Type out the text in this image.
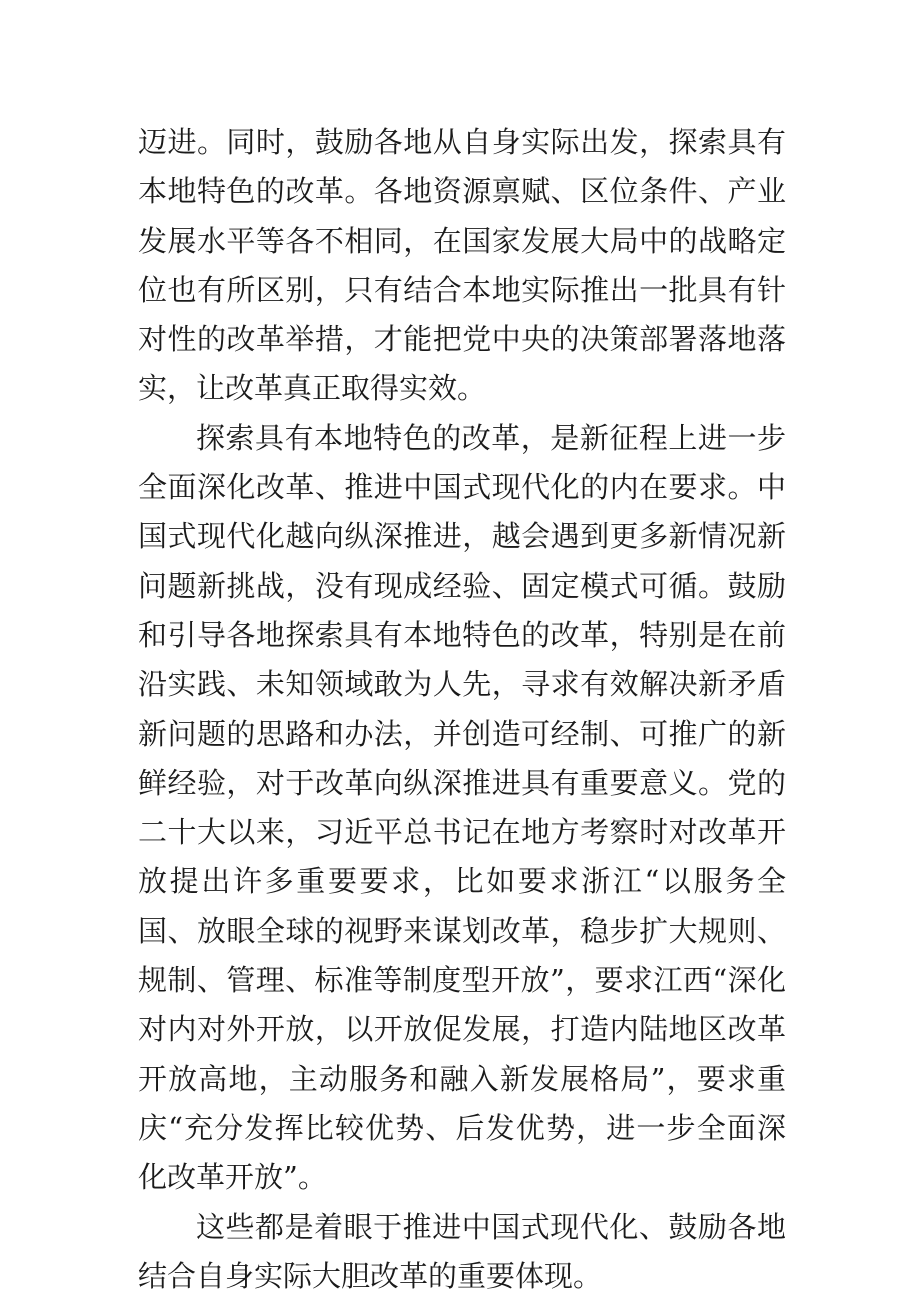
迈进。同时，鼓励各地从自身实际出发，探索具有本地特色的改革。各地资源禀赋、区位条件、产业发展水平等各不相同，在国家发展大局中的战略定位也有所区别，只有结合本地实际推出一批具有针对性的改革举措，才能把党中央的决策部署落地落实，让改革真正取得实效。

探索具有本地特色的改革，是新征程上进一步全面深化改革、推进中国式现代化的内在要求。中国式现代化越向纵深推进，越会遇到更多新情况新问题新挑战，没有现成经验、固定模式可循。鼓励和引导各地探索具有本地特色的改革，特别是在前沿实践、未知领域敢为人先，寻求有效解决新矛盾新问题的思路和办法，并创造可经制、可推广的新鲜经验，对于改革向纵深推进具有重要意义。党的二十大以来，习近平总书记在地方考察时对改革开放提出许多重要要求，比如要求浙江“以服务全国、放眼全球的视野来谋划改革，稳步扩大规则、规制、管理、标准等制度型开放”，要求江西“深化对内对外开放，以开放促发展，打造内陆地区改革开放高地，主动服务和融入新发展格局”，要求重庆“充分发挥比较优势、后发优势，进一步全面深化改革开放”。

这些都是着眼于推进中国式现代化、鼓励各地结合自身实际大胆改革的重要体现。
